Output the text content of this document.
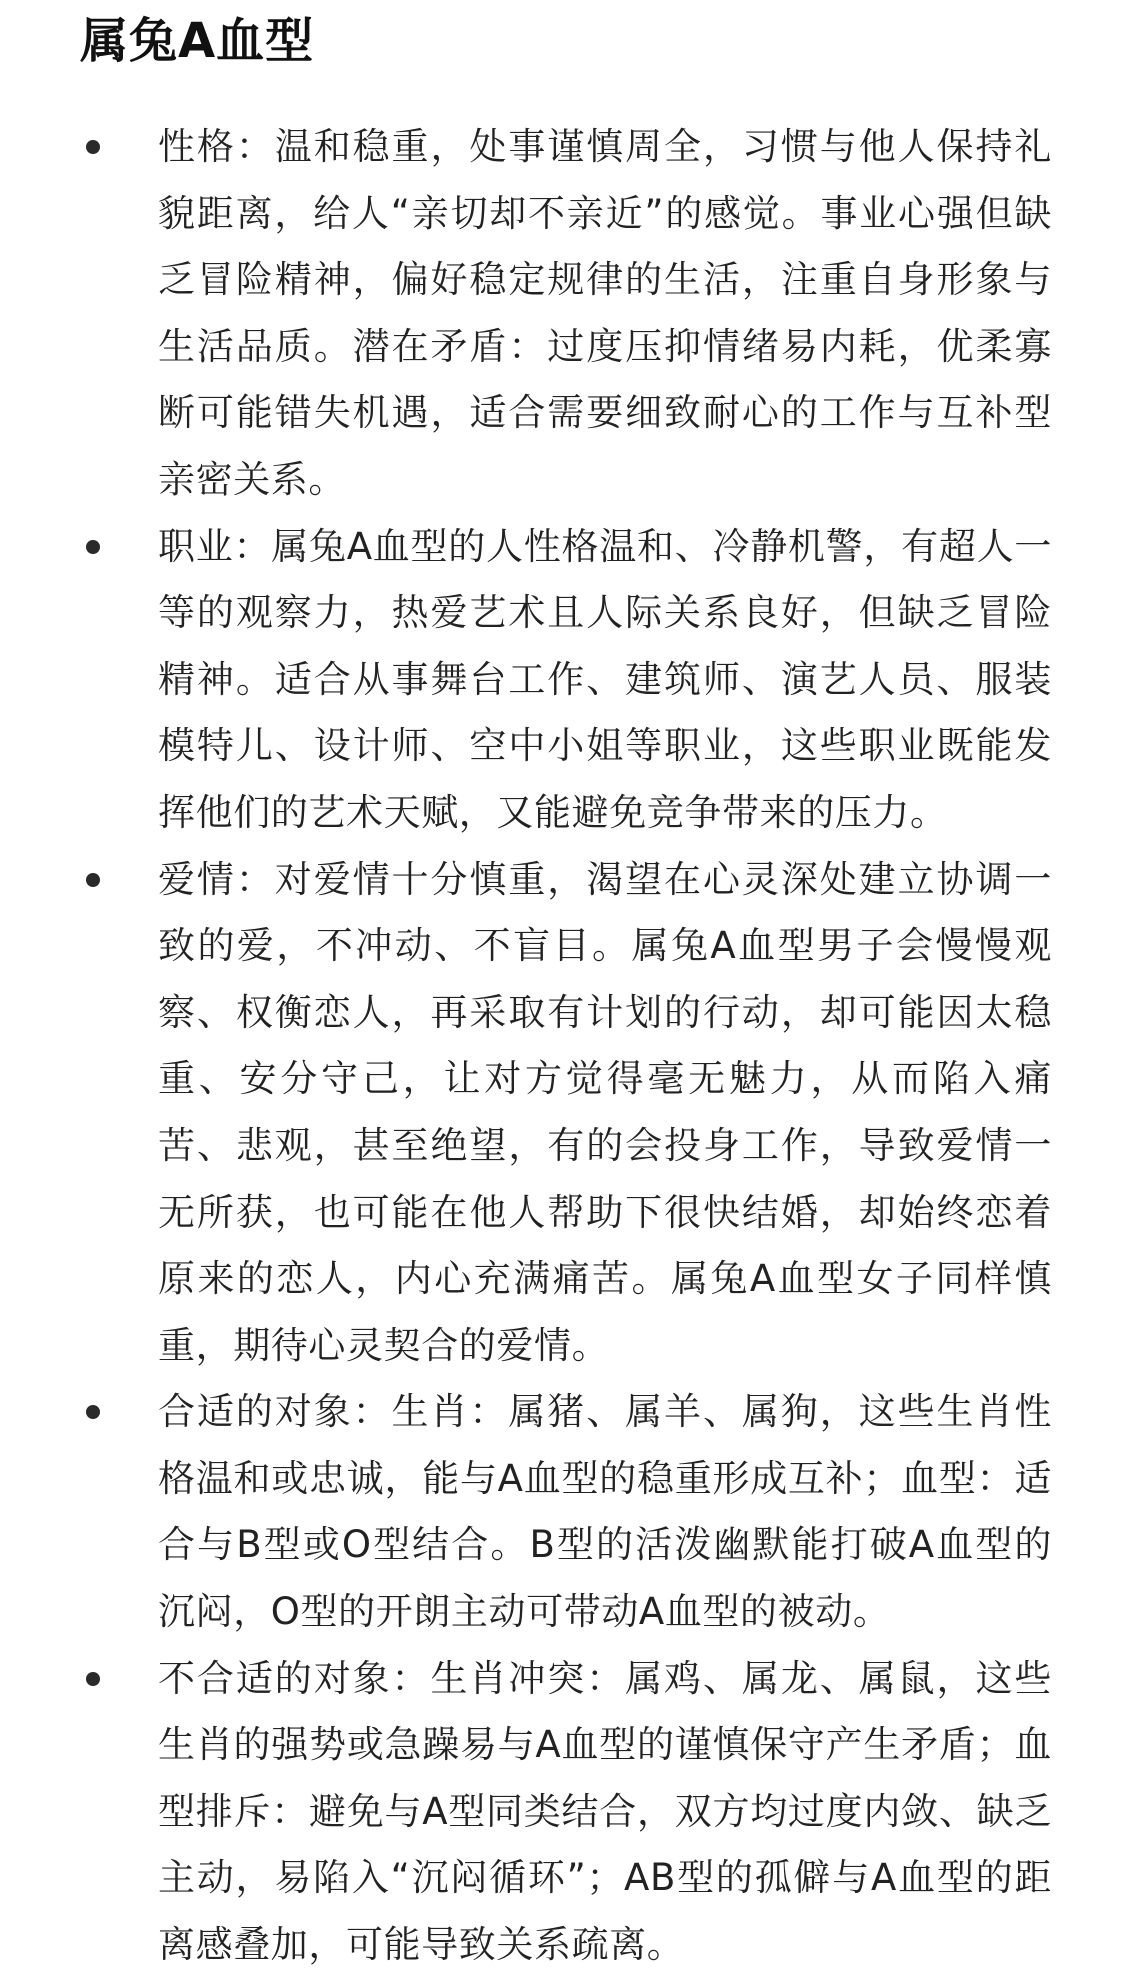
属兔A血型
性格：温和稳重，处事谨慎周全，习惯与他人保持礼貌距离，给人“亲切却不亲近”的感觉。事业心强但缺乏冒险精神，偏好稳定规律的生活，注重自身形象与生活品质。潜在矛盾：过度压抑情绪易内耗，优柔寡断可能错失机遇，适合需要细致耐心的工作与互补型亲密关系。
职业：属兔A血型的人性格温和、冷静机警，有超人一等的观察力，热爱艺术且人际关系良好，但缺乏冒险精神。适合从事舞台工作、建筑师、演艺人员、服装模特儿、设计师、空中小姐等职业，这些职业既能发挥他们的艺术天赋，又能避免竞争带来的压力。
爱情：对爱情十分慎重，渴望在心灵深处建立协调一致的爱，不冲动、不盲目。属兔A血型男子会慢慢观察、权衡恋人，再采取有计划的行动，却可能因太稳重、安分守己，让对方觉得毫无魅力，从而陷入痛苦、悲观，甚至绝望，有的会投身工作，导致爱情一无所获，也可能在他人帮助下很快结婚，却始终恋着原来的恋人，内心充满痛苦。属兔A血型女子同样慎重，期待心灵契合的爱情。
合适的对象：生肖：属猪、属羊、属狗，这些生肖性格温和或忠诚，能与A血型的稳重形成互补；血型：适合与B型或O型结合。B型的活泼幽默能打破A血型的沉闷，O型的开朗主动可带动A血型的被动。
不合适的对象：生肖冲突：属鸡、属龙、属鼠，这些生肖的强势或急躁易与A血型的谨慎保守产生矛盾；血型排斥：避免与A型同类结合，双方均过度内敛、缺乏主动，易陷入“沉闷循环”；AB型的孤僻与A血型的距离感叠加，可能导致关系疏离。
